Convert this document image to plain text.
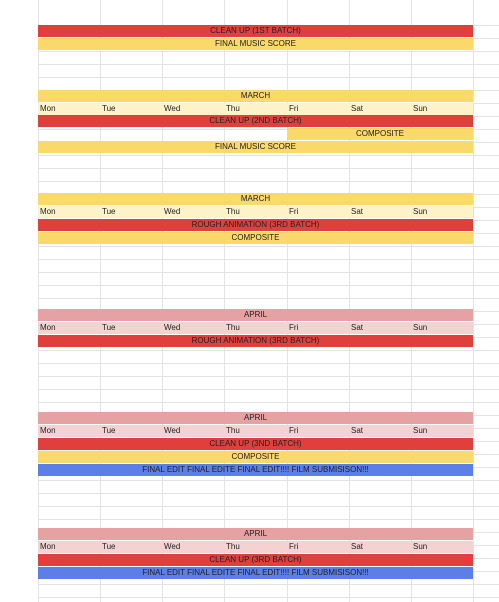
CLEAN UP (1ST BATCH)
FINAL MUSIC SCORE
MARCH
Mon	Tue	Wed	Thu	Fri	Sat	Sun
CLEAN UP (2ND BATCH)
COMPOSITE
FINAL MUSIC SCORE
MARCH
Mon	Tue	Wed	Thu	Fri	Sat	Sun
ROUGH ANIMATION (3RD BATCH)
COMPOSITE
APRIL
Mon	Tue	Wed	Thu	Fri	Sat	Sun
ROUGH ANIMATION (3RD BATCH)
APRIL
Mon	Tue	Wed	Thu	Fri	Sat	Sun
CLEAN UP (3ND BATCH)
COMPOSITE
FINAL EDIT FINAL EDITE FINAL EDIT!!!! FILM SUBMISISON!!!
APRIL
Mon	Tue	Wed	Thu	Fri	Sat	Sun
CLEAN UP (3RD BATCH)
FINAL EDIT FINAL EDITE FINAL EDIT!!!! FILM SUBMISISON!!!
